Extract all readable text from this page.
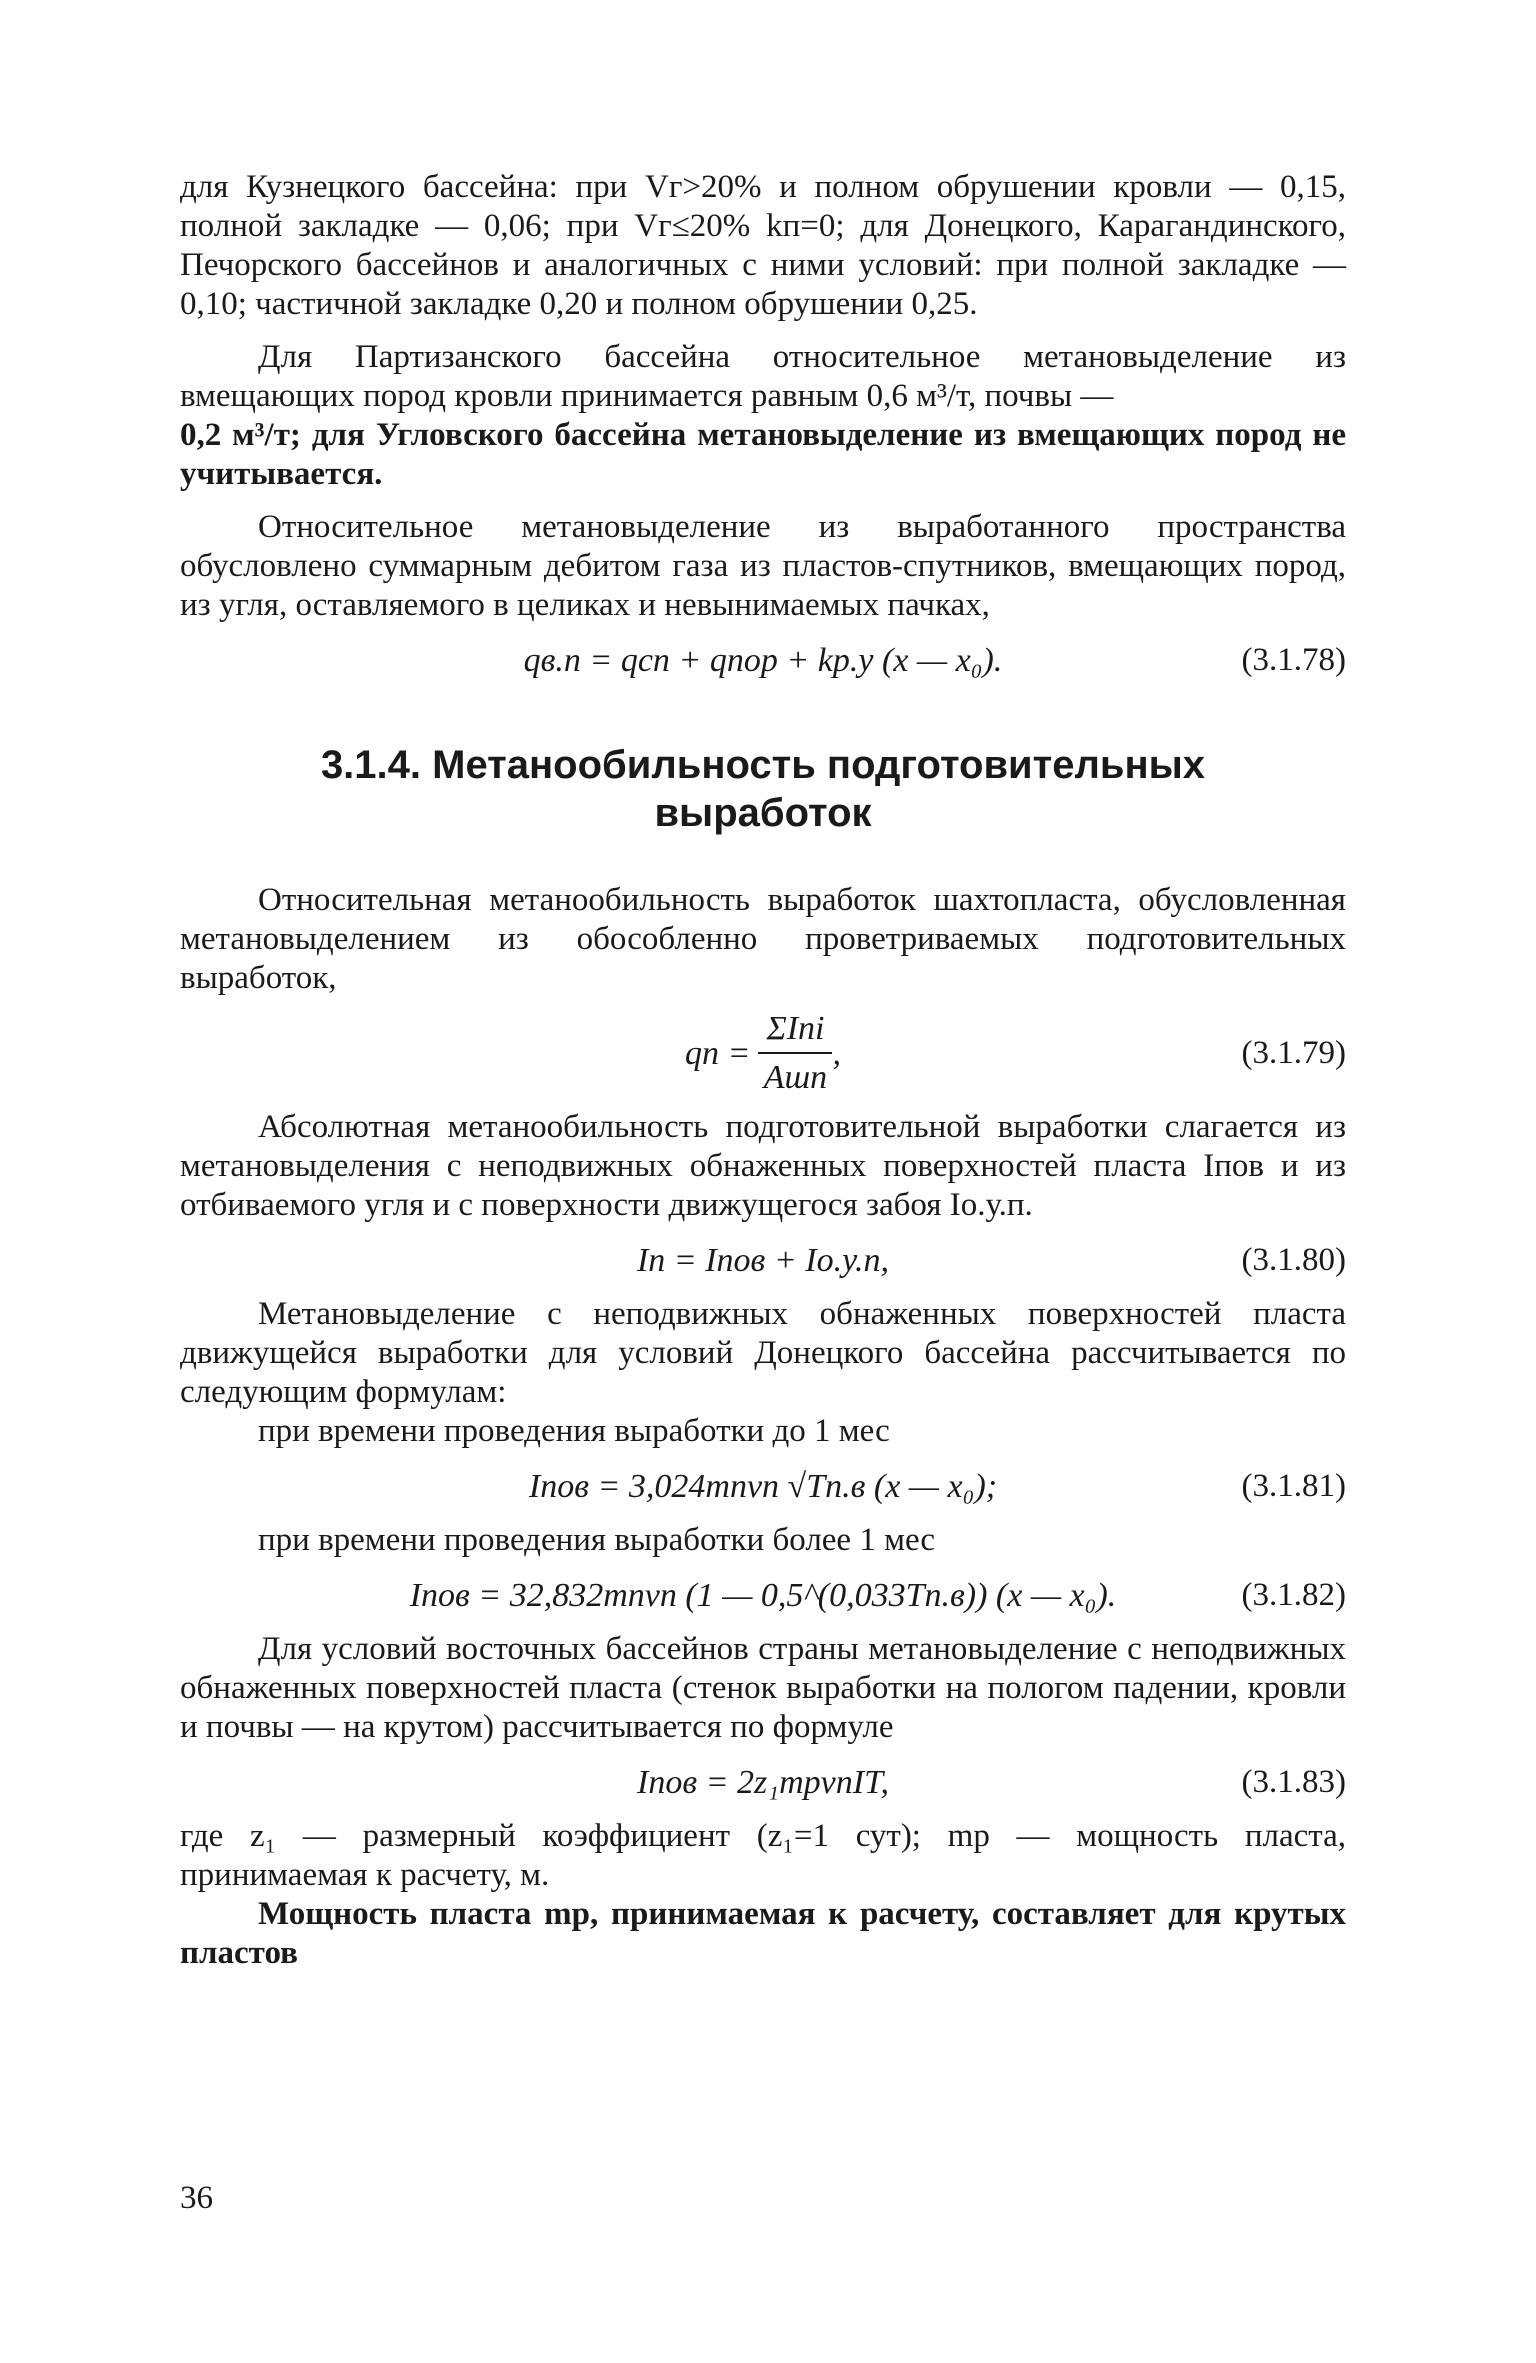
для Кузнецкого бассейна: при Vг>20% и полном обрушении кровли — 0,15, полной закладке — 0,06; при Vг≤20% kп=0; для Донецкого, Карагандинского, Печорского бассейнов и аналогичных с ними условий: при полной закладке — 0,10; частичной закладке 0,20 и полном обрушении 0,25.

Для Партизанского бассейна относительное метановыделение из вмещающих пород кровли принимается равным 0,6 м³/т, почвы —

0,2 м³/т; для Угловского бассейна метановыделение из вмещающих пород не учитывается.

Относительное метановыделение из выработанного пространства обусловлено суммарным дебитом газа из пластов-спутников, вмещающих пород, из угля, оставляемого в целиках и невынимаемых пачках,

qв.п = qсп + qпор + kр.у (x — x₀).	(3.1.78)
3.1.4. Метанообильность подготовительных
выработок

Относительная метанообильность выработок шахтопласта, обусловленная метановыделением из обособленно проветриваемых подготовительных выработок,

qп = $\frac{\text{ΣIпi}}{\text{Aшп}}$ ,	(3.1.79)

Абсолютная метанообильность подготовительной выработки слагается из метановыделения с неподвижных обнаженных поверхностей пласта Iпов и из отбиваемого угля и с поверхности движущегося забоя Iо.у.п.

Iп = Iпов + Iо.у.п,	(3.1.80)

Метановыделение с неподвижных обнаженных поверхностей пласта движущейся выработки для условий Донецкого бассейна рассчитывается по следующим формулам:

при времени проведения выработки до 1 мес

Iпов = 3,024mпvп √Tп.в (x — x₀);	(3.1.81)

при времени проведения выработки более 1 мес

Iпов = 32,832mпvп (1 — 0,5^(0,033Tп.в)) (x — x₀).	(3.1.82)

Для условий восточных бассейнов страны метановыделение с неподвижных обнаженных поверхностей пласта (стенок выработки на пологом падении, кровли и почвы — на крутом) рассчитывается по формуле

Iпов = 2z₁mрvпIT,	(3.1.83)

где z₁ — размерный коэффициент (z₁=1 сут); mр — мощность пласта, принимаемая к расчету, м.

Мощность пласта mр, принимаемая к расчету, составляет для крутых пластов

36
